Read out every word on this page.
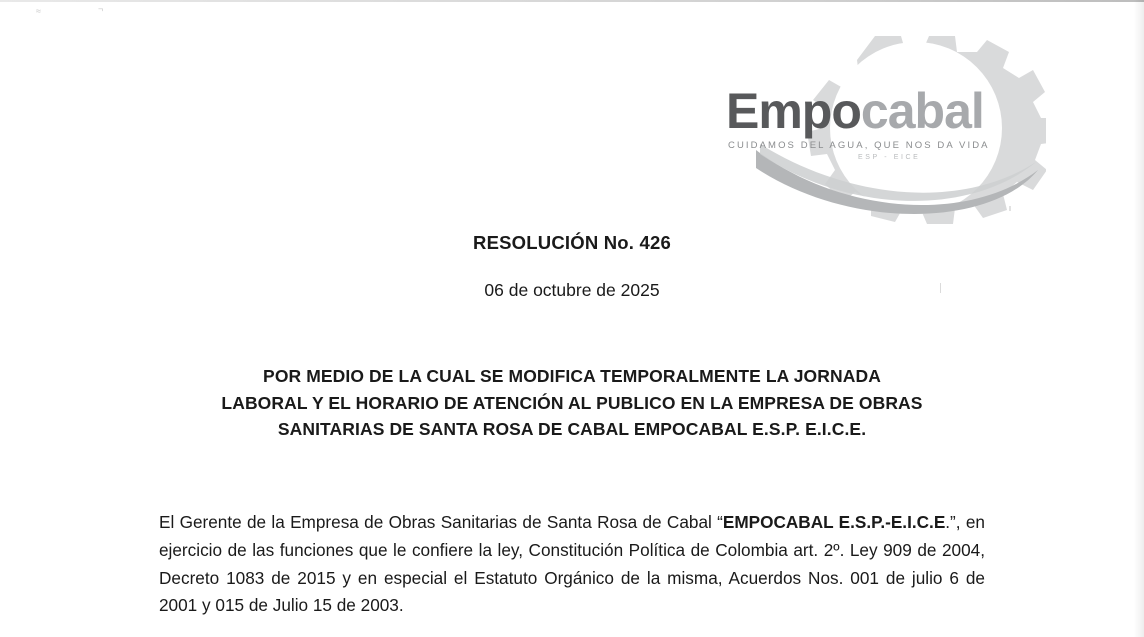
≈	¬
Empocabal
CUIDAMOS DEL AGUA, QUE NOS DA VIDA
ESP - EICE
RESOLUCIÓN No. 426
06 de octubre de 2025
POR MEDIO DE LA CUAL SE MODIFICA TEMPORALMENTE LA JORNADA
LABORAL Y EL HORARIO DE ATENCIÓN AL PUBLICO EN LA EMPRESA DE OBRAS
SANITARIAS DE SANTA ROSA DE CABAL EMPOCABAL E.S.P. E.I.C.E.
El Gerente de la Empresa de Obras Sanitarias de Santa Rosa de Cabal “EMPOCABAL E.S.P.-E.I.C.E.”, en ejercicio de las funciones que le confiere la ley, Constitución Política de Colombia art. 2º. Ley 909 de 2004, Decreto 1083 de 2015 y en especial el Estatuto Orgánico de la misma, Acuerdos Nos. 001 de julio 6 de 2001 y 015 de Julio 15 de 2003.
